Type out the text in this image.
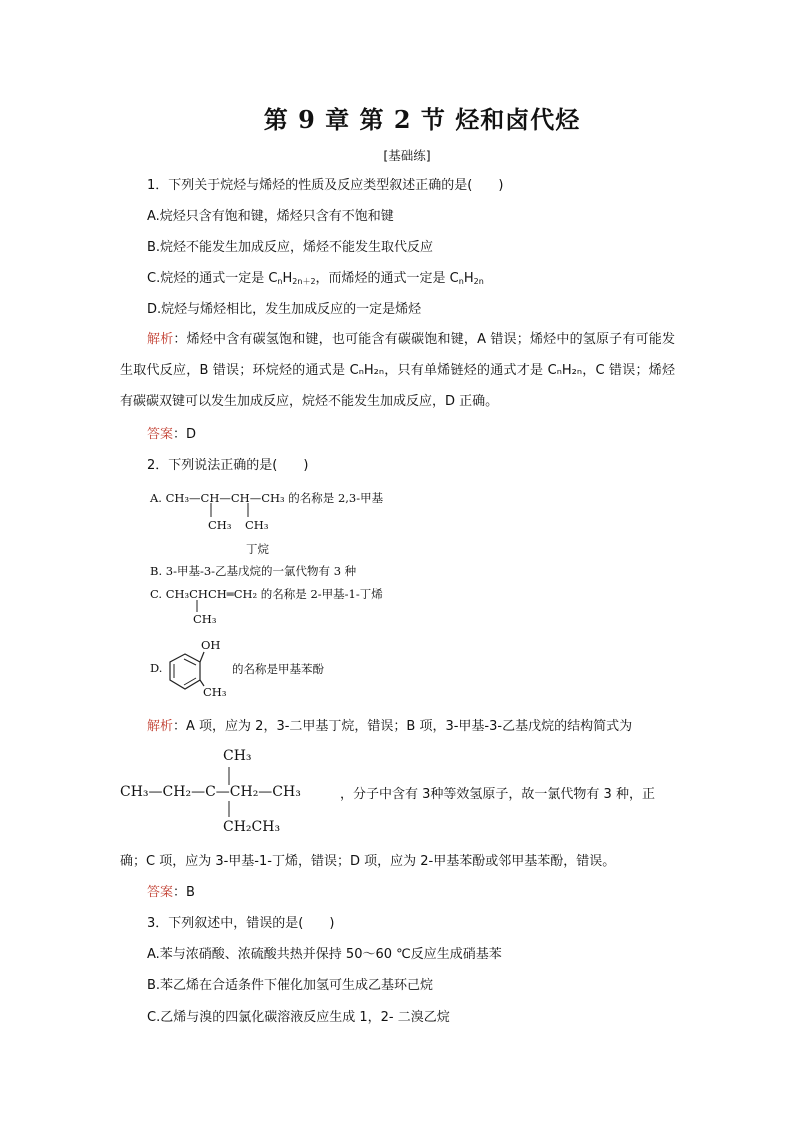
第 9 章 第 2 节 烃和卤代烃
[基础练]
1．下列关于烷烃与烯烃的性质及反应类型叙述正确的是(　　)
A.烷烃只含有饱和键，烯烃只含有不饱和键
B.烷烃不能发生加成反应，烯烃不能发生取代反应
C.烷烃的通式一定是 $C_nH_{2n+2}$，而烯烃的通式一定是 $C_nH_{2n}$
D.烷烃与烯烃相比，发生加成反应的一定是烯烃

解析：烯烃中含有碳氢饱和键，也可能含有碳碳饱和键，A 错误；烯烃中的氢原子有可能发生取代反应，B 错误；环烷烃的通式是 CₙH₂ₙ，只有单烯链烃的通式才是 CₙH₂ₙ，C 错误；烯烃有碳碳双键可以发生加成反应，烷烃不能发生加成反应，D 正确。

答案：D
2．下列说法正确的是(　　)
A. CH₃—CH—CH—CH₃ 的名称是 2,3-甲基
CH₃ CH₃
丁烷
B. 3-甲基-3-乙基戊烷的一氯代物有 3 种
C. CH₃CHCH═CH₂ 的名称是 2-甲基-1-丁烯
CH₃
D.
OH
CH₃
的名称是甲基苯酚
解析：A 项，应为 2，3-二甲基丁烷，错误；B 项，3-甲基-3-乙基戊烷的结构简式为
CH₃
CH₃—CH₂—C—CH₂—CH₃	，分子中含有 3种等效氢原子，故一氯代物有 3 种，正
CH₂CH₃
确；C 项，应为 3-甲基-1-丁烯，错误；D 项，应为 2-甲基苯酚或邻甲基苯酚，错误。
答案：B
3．下列叙述中，错误的是(　　)
A.苯与浓硝酸、浓硫酸共热并保持 50～60 ℃反应生成硝基苯
B.苯乙烯在合适条件下催化加氢可生成乙基环己烷
C.乙烯与溴的四氯化碳溶液反应生成 1，2- 二溴乙烷
